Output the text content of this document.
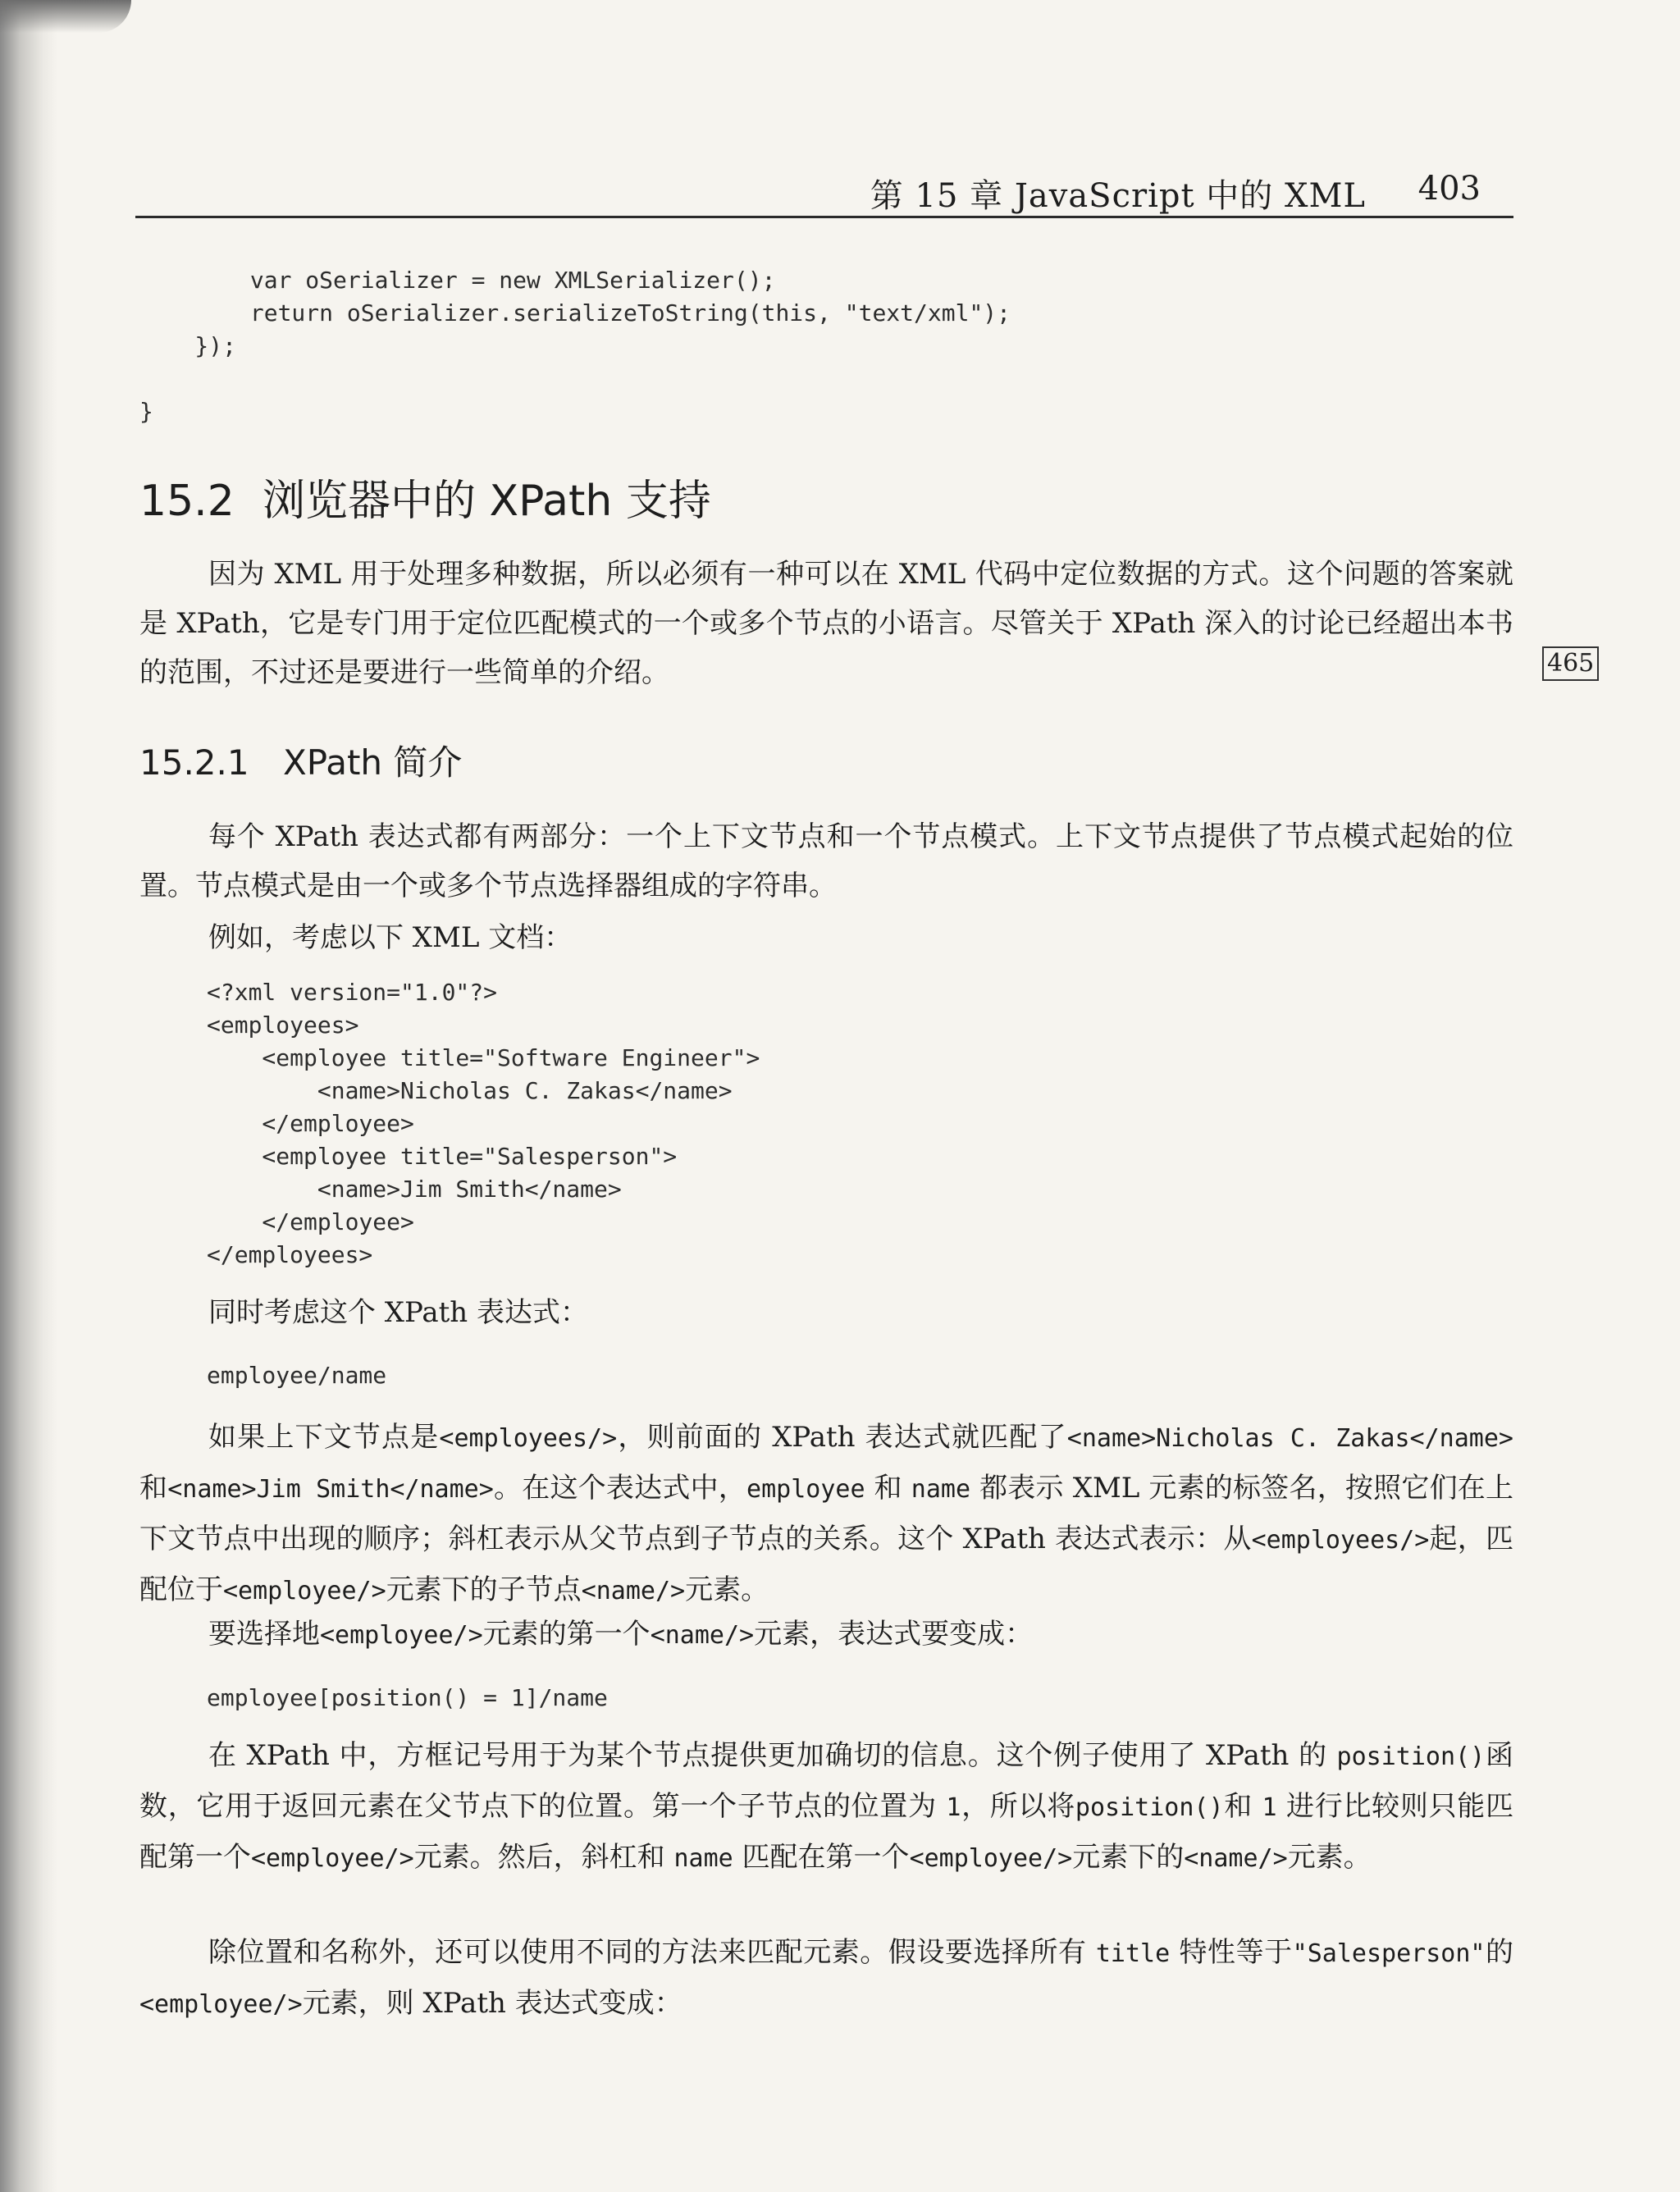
第 15 章 JavaScript 中的 XML 403
var oSerializer = new XMLSerializer();
return oSerializer.serializeToString(this, "text/xml");
});

}
15.2 浏览器中的 XPath 支持
因为 XML 用于处理多种数据，所以必须有一种可以在 XML 代码中定位数据的方式。这个问题的答案就是 XPath，它是专门用于定位匹配模式的一个或多个节点的小语言。尽管关于 XPath 深入的讨论已经超出本书的范围，不过还是要进行一些简单的介绍。	465
15.2.1 XPath 简介
每个 XPath 表达式都有两部分：一个上下文节点和一个节点模式。上下文节点提供了节点模式起始的位置。节点模式是由一个或多个节点选择器组成的字符串。
例如，考虑以下 XML 文档：
<?xml version="1.0"?>
<employees>
<employee title="Software Engineer">
<name>Nicholas C. Zakas</name>
</employee>
<employee title="Salesperson">
<name>Jim Smith</name>
</employee>
</employees>
同时考虑这个 XPath 表达式：
employee/name
如果上下文节点是<employees/>，则前面的 XPath 表达式就匹配了<name>Nicholas C. Zakas</name>和<name>Jim Smith</name>。在这个表达式中，employee 和 name 都表示 XML 元素的标签名，按照它们在上下文节点中出现的顺序；斜杠表示从父节点到子节点的关系。这个 XPath 表达式表示：从<employees/>起，匹配位于<employee/>元素下的子节点<name/>元素。
要选择地<employee/>元素的第一个<name/>元素，表达式要变成：
employee[position() = 1]/name
在 XPath 中，方框记号用于为某个节点提供更加确切的信息。这个例子使用了 XPath 的 position()函数，它用于返回元素在父节点下的位置。第一个子节点的位置为 1，所以将position()和 1 进行比较则只能匹配第一个<employee/>元素。然后，斜杠和 name 匹配在第一个<employee/>元素下的<name/>元素。
除位置和名称外，还可以使用不同的方法来匹配元素。假设要选择所有 title 特性等于"Salesperson"的<employee/>元素，则 XPath 表达式变成：
